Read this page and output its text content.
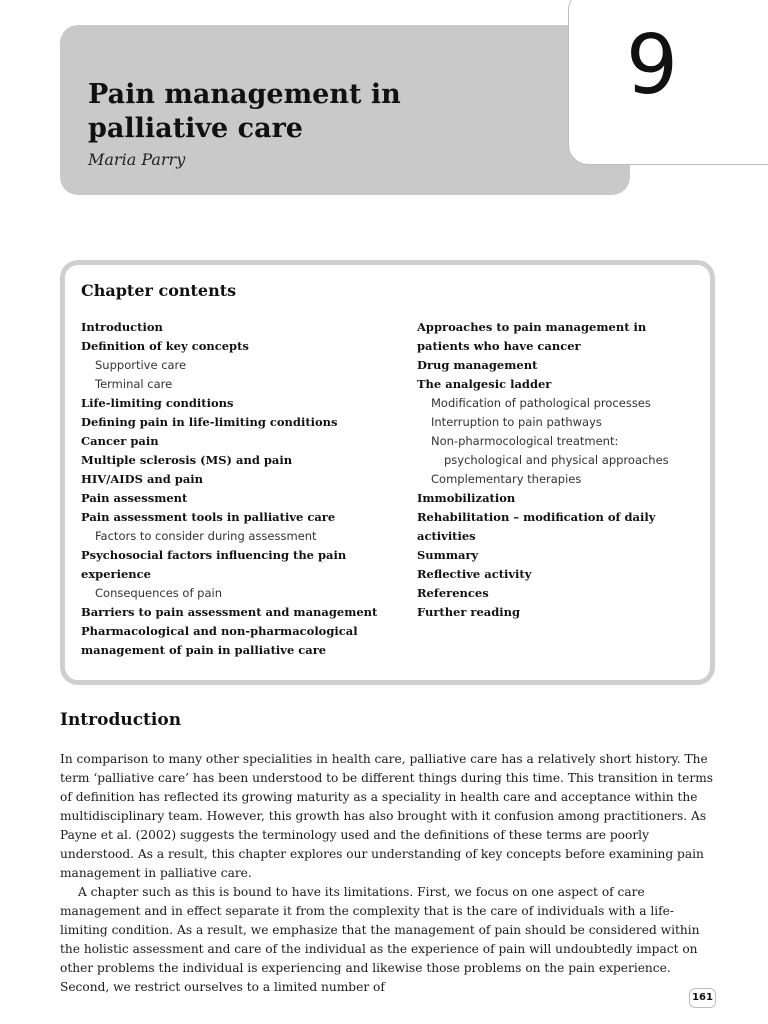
Pain management in palliative care
Maria Parry
9
Chapter contents
Introduction
Definition of key concepts
Supportive care
Terminal care
Life-limiting conditions
Defining pain in life-limiting conditions
Cancer pain
Multiple sclerosis (MS) and pain
HIV/AIDS and pain
Pain assessment
Pain assessment tools in palliative care
Factors to consider during assessment
Psychosocial factors influencing the pain
experience
Consequences of pain
Barriers to pain assessment and management
Pharmacological and non-pharmacological
management of pain in palliative care
Approaches to pain management in
patients who have cancer
Drug management
The analgesic ladder
Modification of pathological processes
Interruption to pain pathways
Non-pharmocological treatment:
psychological and physical approaches
Complementary therapies
Immobilization
Rehabilitation – modification of daily
activities
Summary
Reflective activity
References
Further reading
Introduction

In comparison to many other specialities in health care, palliative care has a relatively short history. The term ‘palliative care’ has been understood to be different things during this time. This transition in terms of definition has reflected its growing maturity as a speciality in health care and acceptance within the multidisciplinary team. However, this growth has also brought with it confusion among practitioners. As Payne et al. (2002) suggests the terminology used and the definitions of these terms are poorly understood. As a result, this chapter explores our understanding of key concepts before examining pain management in palliative care.

A chapter such as this is bound to have its limitations. First, we focus on one aspect of care management and in effect separate it from the complexity that is the care of individuals with a life-limiting condition. As a result, we emphasize that the management of pain should be considered within the holistic assessment and care of the individual as the experience of pain will undoubtedly impact on other problems the individual is experiencing and likewise those problems on the pain experience. Second, we restrict ourselves to a limited number of

161
